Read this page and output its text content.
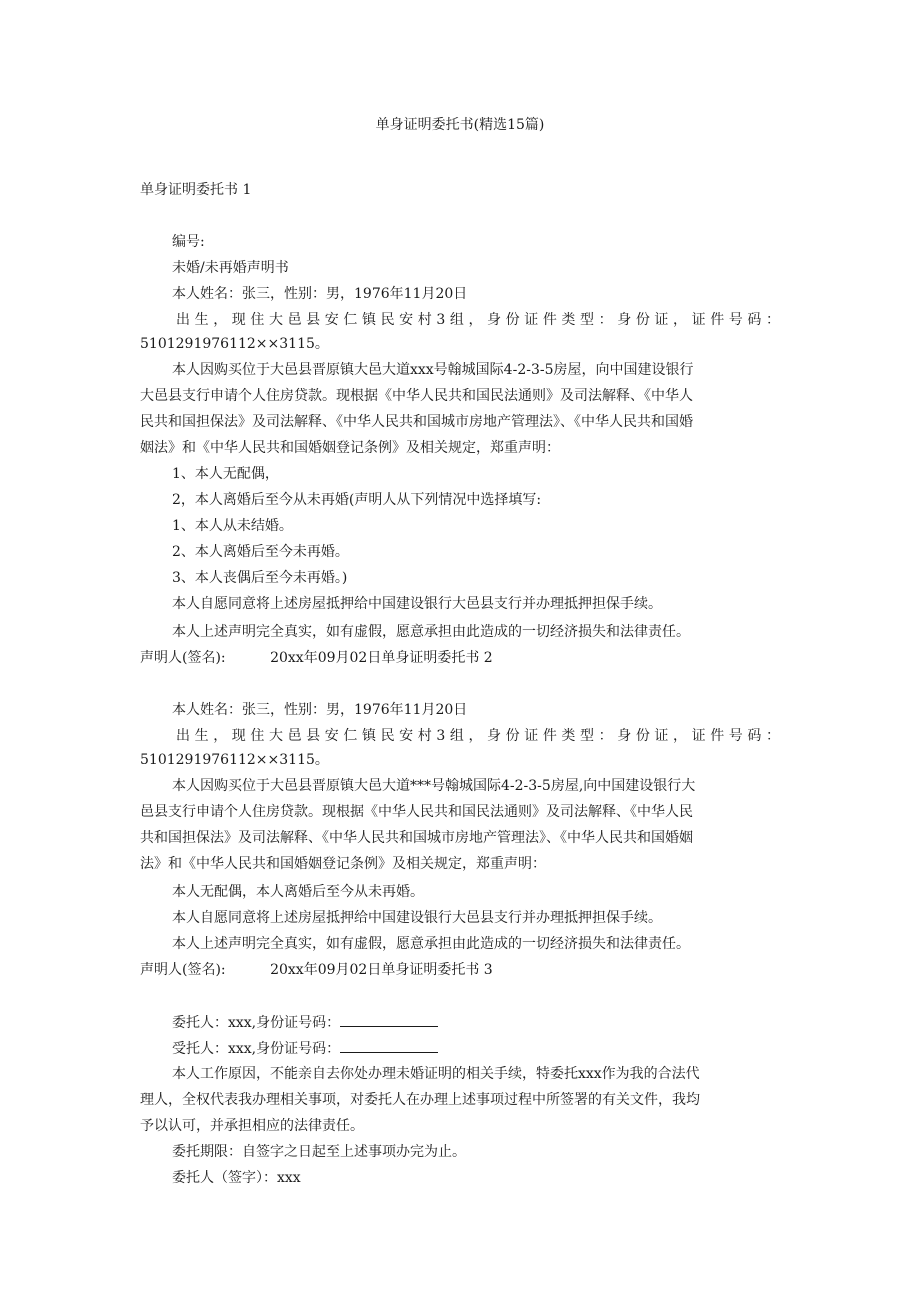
单身证明委托书(精选15篇)
单身证明委托书 1
编号:
未婚/未再婚声明书
本人姓名：张三，性别：男，1976年11月20日
出生，现住大邑县安仁镇民安村3组，身份证件类型：身份证，证件号码：
5101291976112××3115。
本人因购买位于大邑县晋原镇大邑大道xxx号翰城国际4-2-3-5房屋，向中国建设银行
大邑县支行申请个人住房贷款。现根据《中华人民共和国民法通则》及司法解释、《中华人
民共和国担保法》及司法解释、《中华人民共和国城市房地产管理法》、《中华人民共和国婚
姻法》和《中华人民共和国婚姻登记条例》及相关规定，郑重声明：
1、本人无配偶，
2，本人离婚后至今从未再婚(声明人从下列情况中选择填写:
1、本人从未结婚。
2、本人离婚后至今未再婚。
3、本人丧偶后至今未再婚。)
本人自愿同意将上述房屋抵押给中国建设银行大邑县支行并办理抵押担保手续。
本人上述声明完全真实，如有虚假，愿意承担由此造成的一切经济损失和法律责任。
声明人(签名):	20xx年09月02日单身证明委托书 2
本人姓名：张三，性别：男，1976年11月20日
出生，现住大邑县安仁镇民安村3组，身份证件类型：身份证，证件号码：
5101291976112××3115。
本人因购买位于大邑县晋原镇大邑大道***号翰城国际4-2-3-5房屋,向中国建设银行大
邑县支行申请个人住房贷款。现根据《中华人民共和国民法通则》及司法解释、《中华人民
共和国担保法》及司法解释、《中华人民共和国城市房地产管理法》、《中华人民共和国婚姻
法》和《中华人民共和国婚姻登记条例》及相关规定，郑重声明：
本人无配偶，本人离婚后至今从未再婚。
本人自愿同意将上述房屋抵押给中国建设银行大邑县支行并办理抵押担保手续。
本人上述声明完全真实，如有虚假，愿意承担由此造成的一切经济损失和法律责任。
声明人(签名):	20xx年09月02日单身证明委托书 3
委托人：xxx,身份证号码：
受托人：xxx,身份证号码：
本人工作原因，不能亲自去你处办理未婚证明的相关手续，特委托xxx作为我的合法代
理人，全权代表我办理相关事项，对委托人在办理上述事项过程中所签署的有关文件，我均
予以认可，并承担相应的法律责任。
委托期限：自签字之日起至上述事项办完为止。
委托人（签字）：xxx
